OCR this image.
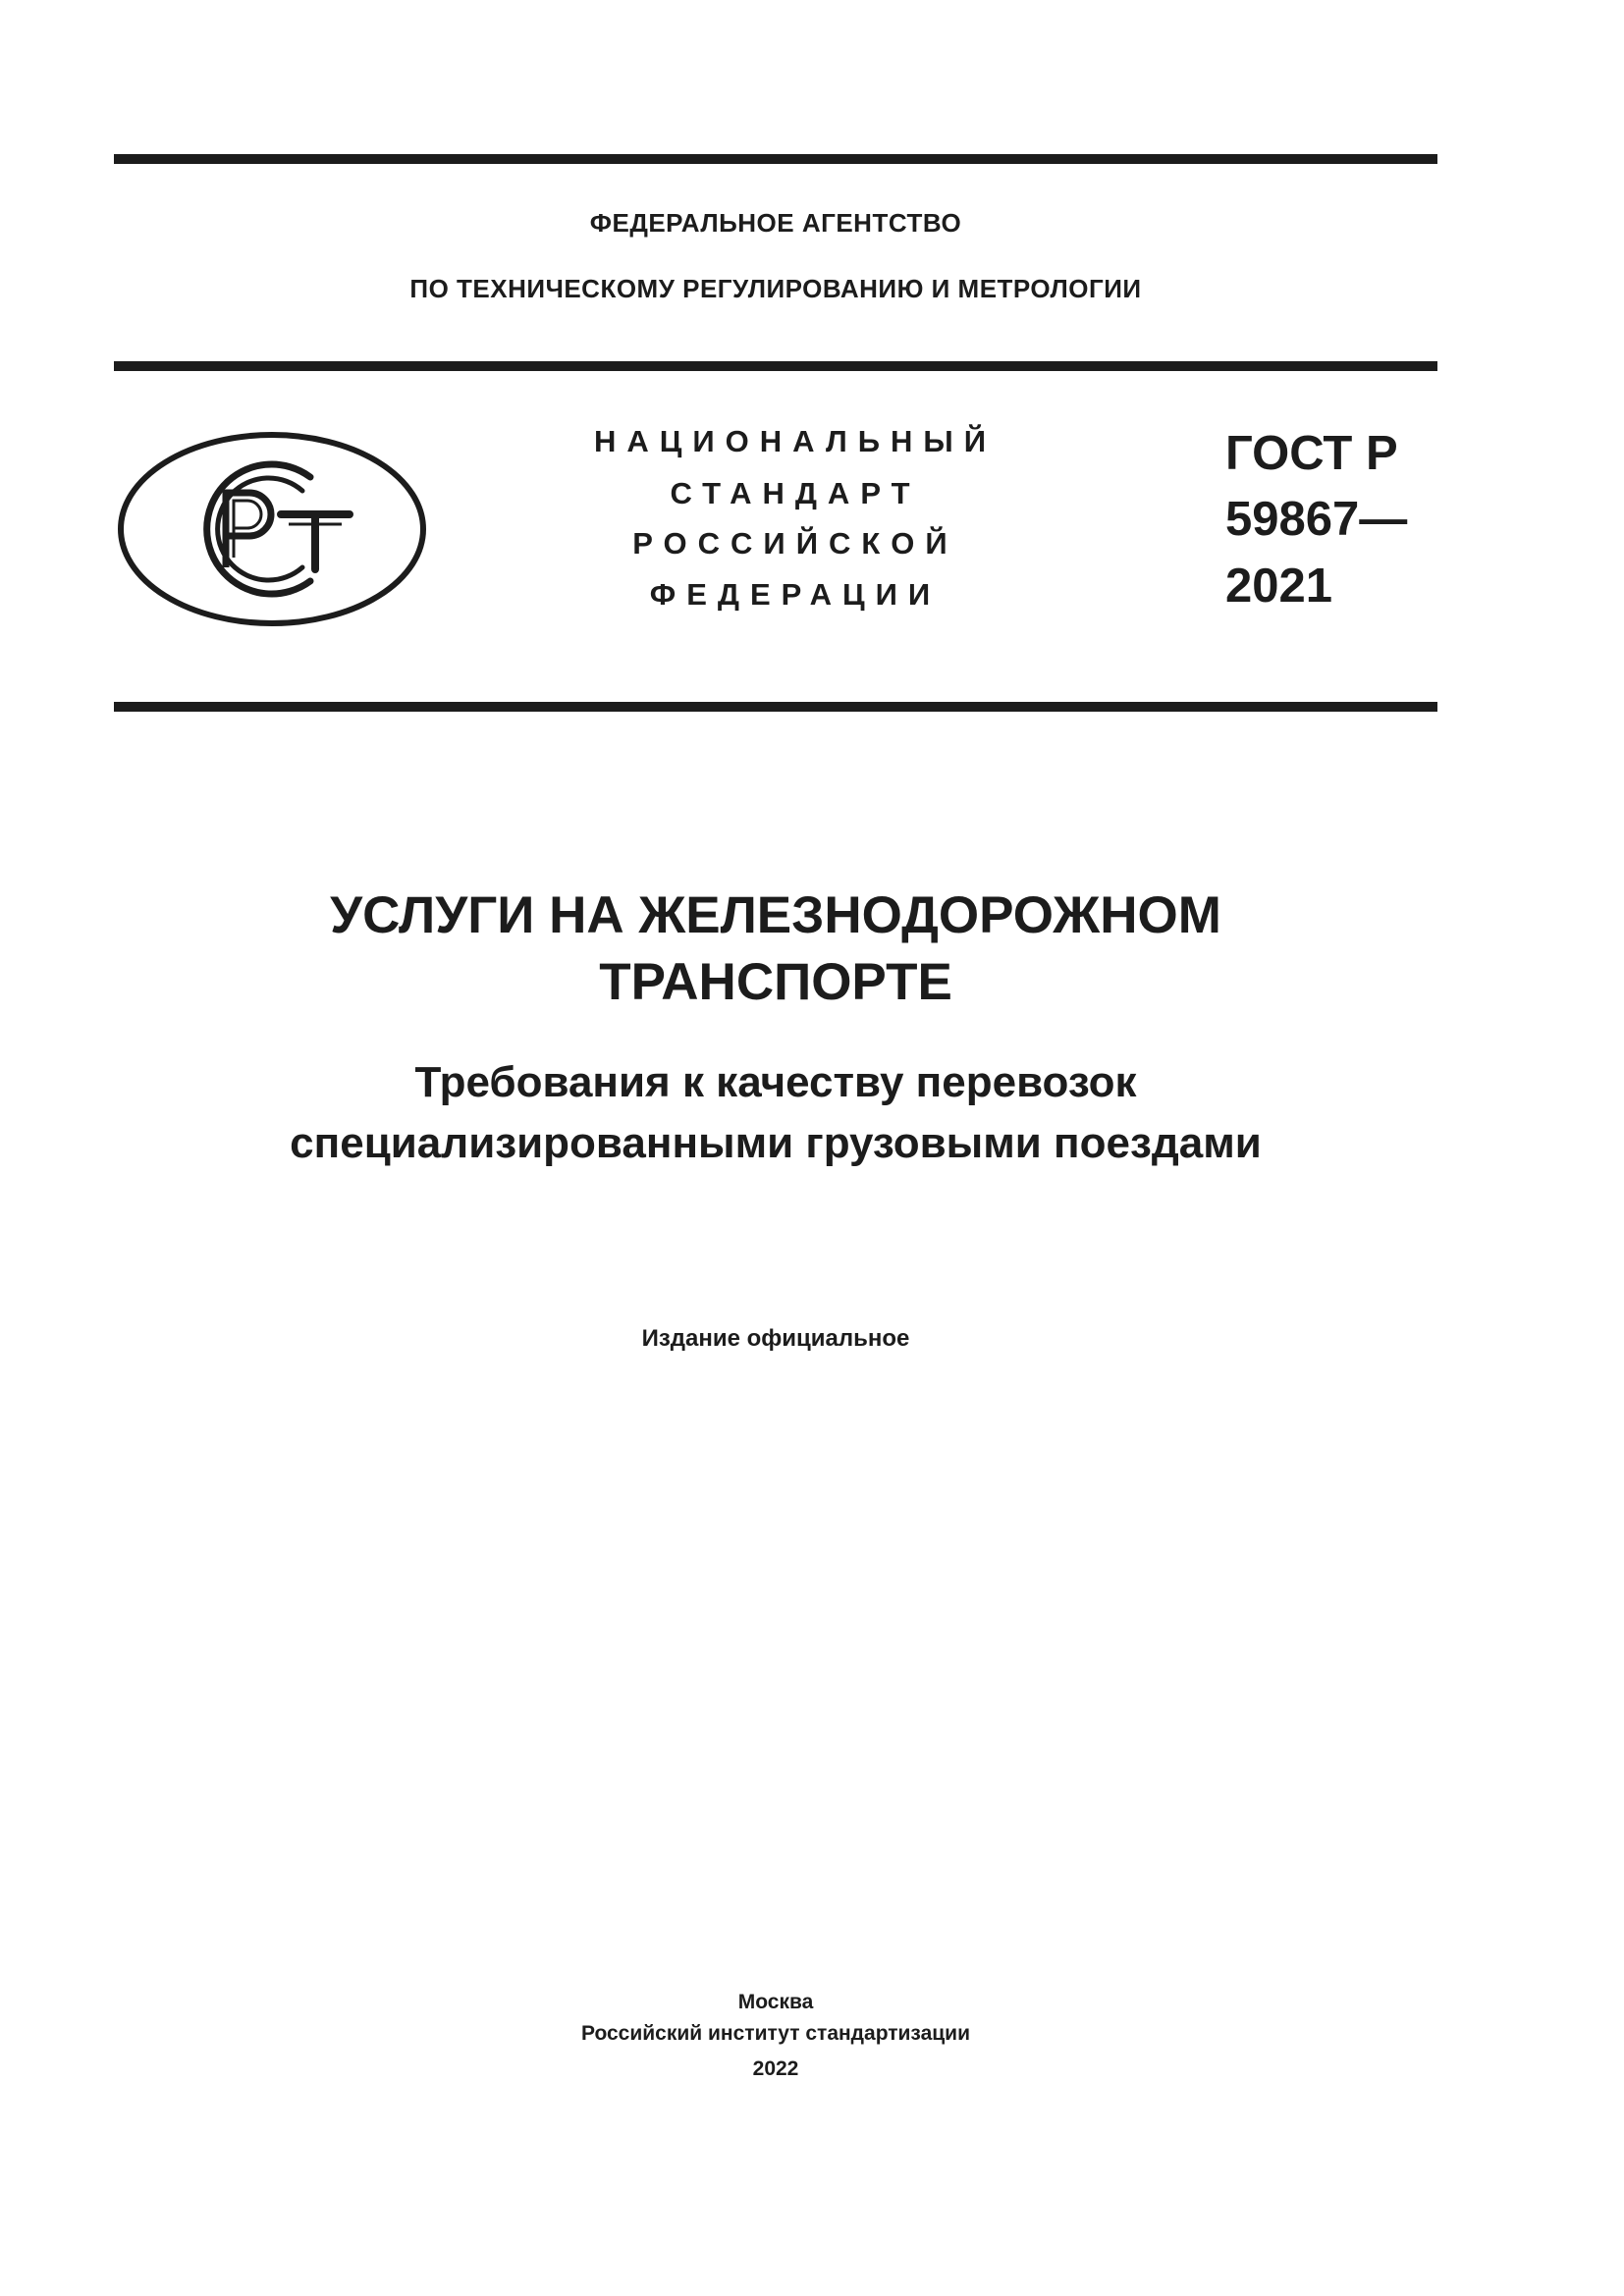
ФЕДЕРАЛЬНОЕ АГЕНТСТВО
ПО ТЕХНИЧЕСКОМУ РЕГУЛИРОВАНИЮ И МЕТРОЛОГИИ
НАЦИОНАЛЬНЫЙ
СТАНДАРТ
РОССИЙСКОЙ
ФЕДЕРАЦИИ
ГОСТ Р
59867—
2021
УСЛУГИ НА ЖЕЛЕЗНОДОРОЖНОМ
ТРАНСПОРТЕ
Требования к качеству перевозок
специализированными грузовыми поездами
Издание официальное
Москва
Российский институт стандартизации
2022
